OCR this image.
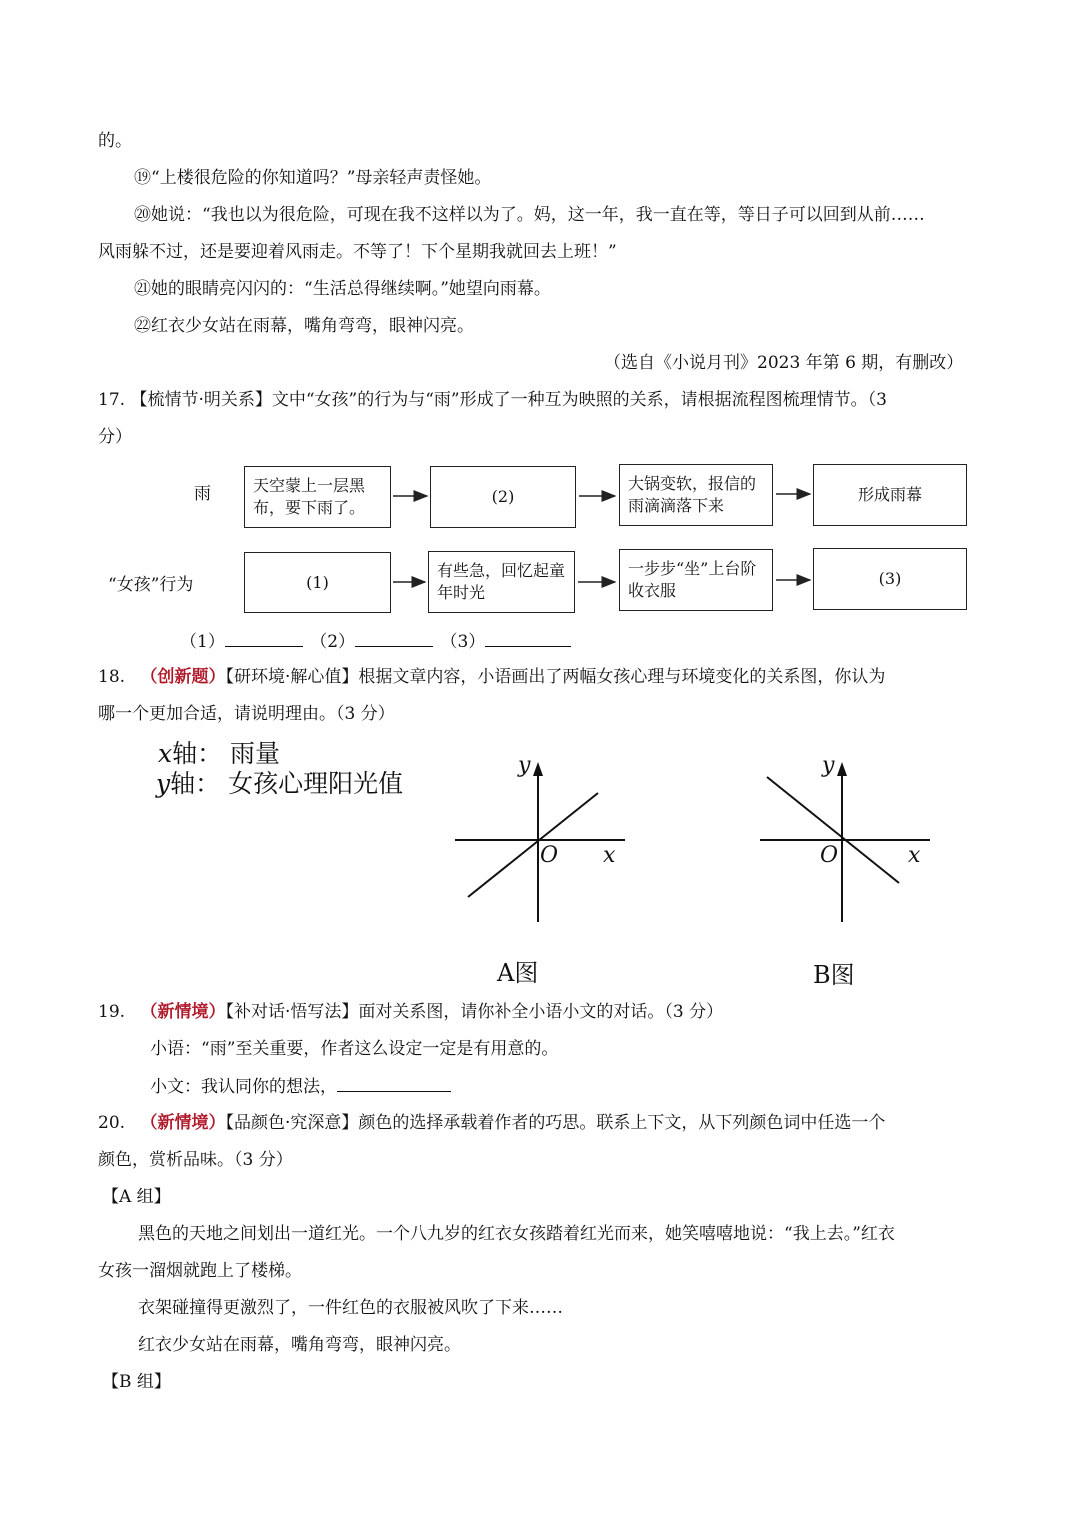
的。
⑲“上楼很危险的你知道吗？”母亲轻声责怪她。
⑳她说：“我也以为很危险，可现在我不这样以为了。妈，这一年，我一直在等，等日子可以回到从前……
风雨躲不过，还是要迎着风雨走。不等了！下个星期我就回去上班！”
㉑她的眼睛亮闪闪的：“生活总得继续啊。”她望向雨幕。
㉒红衣少女站在雨幕，嘴角弯弯，眼神闪亮。
（选自《小说月刊》2023 年第 6 期，有删改）
17. 【梳情节·明关系】文中“女孩”的行为与“雨”形成了一种互为映照的关系，请根据流程图梳理情节。（3
分）
雨
“女孩”行为
天空蒙上一层黑布，要下雨了。
(2)
大锅变软，报信的雨滴滴落下来
形成雨幕
(1)
有些急，回忆起童年时光
一步步“坐”上台阶收衣服
(3)
（1）	（2）	（3）
18. （创新题）【研环境·解心值】根据文章内容，小语画出了两幅女孩心理与环境变化的关系图，你认为
哪一个更加合适，请说明理由。（3 分）
x轴： 雨量
y轴： 女孩心理阳光值
y
O x
A图
y
O	x
B图
19. （新情境）【补对话·悟写法】面对关系图，请你补全小语小文的对话。（3 分）
小语：“雨”至关重要，作者这么设定一定是有用意的。
小文：我认同你的想法，
20. （新情境）【品颜色·究深意】颜色的选择承载着作者的巧思。联系上下文，从下列颜色词中任选一个
颜色，赏析品味。（3 分）
【A 组】
黑色的天地之间划出一道红光。一个八九岁的红衣女孩踏着红光而来，她笑嘻嘻地说：“我上去。”红衣
女孩一溜烟就跑上了楼梯。
衣架碰撞得更激烈了，一件红色的衣服被风吹了下来……
红衣少女站在雨幕，嘴角弯弯，眼神闪亮。
【B 组】
